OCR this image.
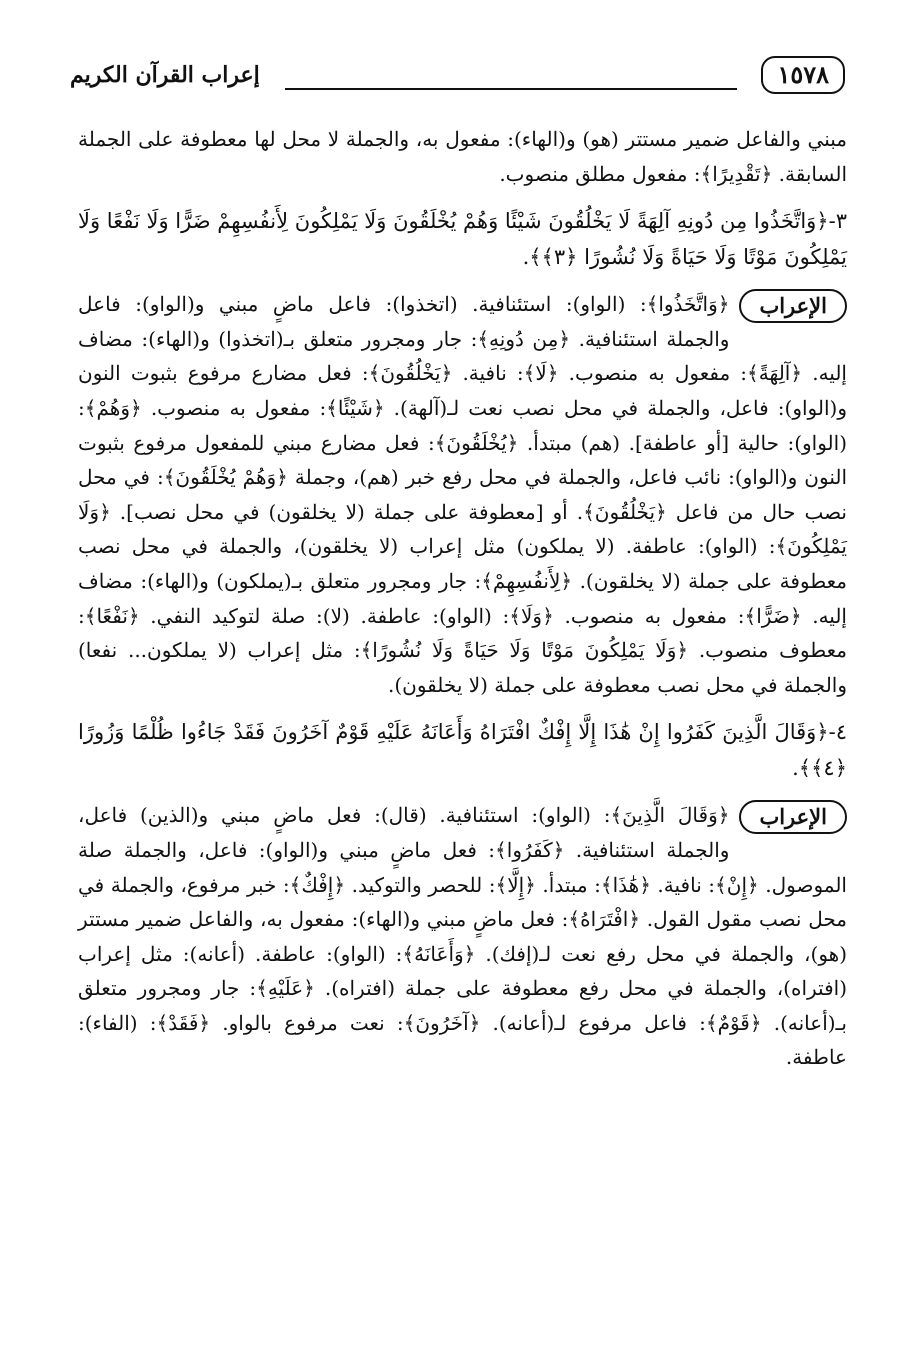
١٥٧٨
إعراب القرآن الكريم

مبني والفاعل ضمير مستتر (هو) و(الهاء): مفعول به، والجملة لا محل لها معطوفة على الجملة السابقة. ﴿تَقْدِيرًا﴾: مفعول مطلق منصوب.

٣-﴿وَاتَّخَذُوا مِن دُونِهِ آلِهَةً لَا يَخْلُقُونَ شَيْئًا وَهُمْ يُخْلَقُونَ وَلَا يَمْلِكُونَ لِأَنفُسِهِمْ ضَرًّا وَلَا نَفْعًا وَلَا يَمْلِكُونَ مَوْتًا وَلَا حَيَاةً وَلَا نُشُورًا ﴿٣﴾﴾.

الإعراب
﴿وَاتَّخَذُوا﴾: (الواو): استئنافية. (اتخذوا): فاعل ماضٍ مبني و(الواو): فاعل والجملة استئنافية. ﴿مِن دُونِهِ﴾: جار ومجرور متعلق بـ(اتخذوا) و(الهاء): مضاف إليه. ﴿آلِهَةً﴾: مفعول به منصوب. ﴿لَا﴾: نافية. ﴿يَخْلُقُونَ﴾: فعل مضارع مرفوع بثبوت النون و(الواو): فاعل، والجملة في محل نصب نعت لـ(آلهة). ﴿شَيْئًا﴾: مفعول به منصوب. ﴿وَهُمْ﴾: (الواو): حالية [أو عاطفة]. (هم) مبتدأ. ﴿يُخْلَقُونَ﴾: فعل مضارع مبني للمفعول مرفوع بثبوت النون و(الواو): نائب فاعل، والجملة في محل رفع خبر (هم)، وجملة ﴿وَهُمْ يُخْلَقُونَ﴾: في محل نصب حال من فاعل ﴿يَخْلُقُونَ﴾. أو [معطوفة على جملة (لا يخلقون) في محل نصب]. ﴿وَلَا يَمْلِكُونَ﴾: (الواو): عاطفة. (لا يملكون) مثل إعراب (لا يخلقون)، والجملة في محل نصب معطوفة على جملة (لا يخلقون). ﴿لِأَنفُسِهِمْ﴾: جار ومجرور متعلق بـ(يملكون) و(الهاء): مضاف إليه. ﴿ضَرًّا﴾: مفعول به منصوب. ﴿وَلَا﴾: (الواو): عاطفة. (لا): صلة لتوكيد النفي. ﴿نَفْعًا﴾: معطوف منصوب. ﴿وَلَا يَمْلِكُونَ مَوْتًا وَلَا حَيَاةً وَلَا نُشُورًا﴾: مثل إعراب (لا يملكون... نفعا) والجملة في محل نصب معطوفة على جملة (لا يخلقون).

٤-﴿وَقَالَ الَّذِينَ كَفَرُوا إِنْ هَٰذَا إِلَّا إِفْكٌ افْتَرَاهُ وَأَعَانَهُ عَلَيْهِ قَوْمٌ آخَرُونَ فَقَدْ جَاءُوا ظُلْمًا وَزُورًا ﴿٤﴾﴾.

الإعراب
﴿وَقَالَ الَّذِينَ﴾: (الواو): استئنافية. (قال): فعل ماضٍ مبني و(الذين) فاعل، والجملة استئنافية. ﴿كَفَرُوا﴾: فعل ماضٍ مبني و(الواو): فاعل، والجملة صلة الموصول. ﴿إِنْ﴾: نافية. ﴿هَٰذَا﴾: مبتدأ. ﴿إِلَّا﴾: للحصر والتوكيد. ﴿إِفْكٌ﴾: خبر مرفوع، والجملة في محل نصب مقول القول. ﴿افْتَرَاهُ﴾: فعل ماضٍ مبني و(الهاء): مفعول به، والفاعل ضمير مستتر (هو)، والجملة في محل رفع نعت لـ(إفك). ﴿وَأَعَانَهُ﴾: (الواو): عاطفة. (أعانه): مثل إعراب (افتراه)، والجملة في محل رفع معطوفة على جملة (افتراه). ﴿عَلَيْهِ﴾: جار ومجرور متعلق بـ(أعانه). ﴿قَوْمٌ﴾: فاعل مرفوع لـ(أعانه). ﴿آخَرُونَ﴾: نعت مرفوع بالواو. ﴿فَقَدْ﴾: (الفاء): عاطفة.
